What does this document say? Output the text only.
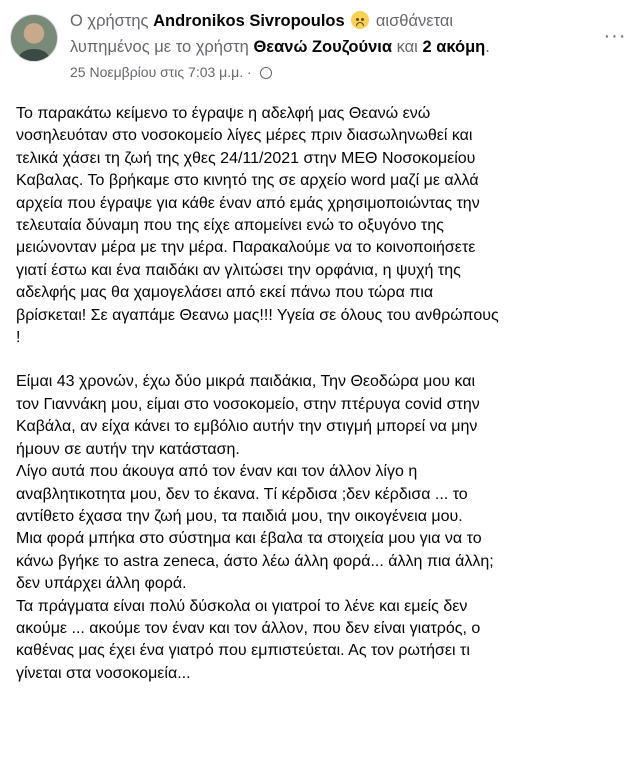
Ο χρήστης Andronikos Sivropoulos αισθάνεται
λυπημένος με το χρήστη Θεανώ Ζουζούνια και 2 ακόμη.
25 Νοεμβρίου στις 7:03 μ.μ. ·
···
Το παρακάτω κείμενο το έγραψε η αδελφή μας Θεανώ ενώ
νοσηλευόταν στο νοσοκομείο λίγες μέρες πριν διασωληνωθεί και
τελικά χάσει τη ζωή της χθες 24/11/2021 στην ΜΕΘ Νοσοκομείου
Καβαλας. Το βρήκαμε στο κινητό της σε αρχείο word μαζί με αλλά
αρχεία που έγραψε για κάθε έναν από εμάς χρησιμοποιώντας την
τελευταία δύναμη που της είχε απομείνει ενώ το οξυγόνο της
μειώνονταν μέρα με την μέρα. Παρακαλούμε να το κοινοποιήσετε
γιατί έστω και ένα παιδάκι αν γλιτώσει την ορφάνια, η ψυχή της
αδελφής μας θα χαμογελάσει από εκεί πάνω που τώρα πια
βρίσκεται! Σε αγαπάμε Θεανω μας!!! Υγεία σε όλους του ανθρώπους
!
Είμαι 43 χρονών, έχω δύο μικρά παιδάκια, Την Θεοδώρα μου και
τον Γιαννάκη μου, είμαι στο νοσοκομείο, στην πτέρυγα covid στην
Καβάλα, αν είχα κάνει το εμβόλιο αυτήν την στιγμή μπορεί να μην
ήμουν σε αυτήν την κατάσταση.
Λίγο αυτά που άκουγα από τον έναν και τον άλλον λίγο η
αναβλητικοτητα μου, δεν το έκανα. Τί κέρδισα ;δεν κέρδισα ... το
αντίθετο έχασα την ζωή μου, τα παιδιά μου, την οικογένεια μου.
Μια φορά μπήκα στο σύστημα και έβαλα τα στοιχεία μου για να το
κάνω βγήκε το astra zeneca, άστο λέω άλλη φορά... άλλη πια άλλη;
δεν υπάρχει άλλη φορά.
Τα πράγματα είναι πολύ δύσκολα οι γιατροί το λένε και εμείς δεν
ακούμε ... ακούμε τον έναν και τον άλλον, που δεν είναι γιατρός, ο
καθένας μας έχει ένα γιατρό που εμπιστεύεται. Ας τον ρωτήσει τι
γίνεται στα νοσοκομεία...
